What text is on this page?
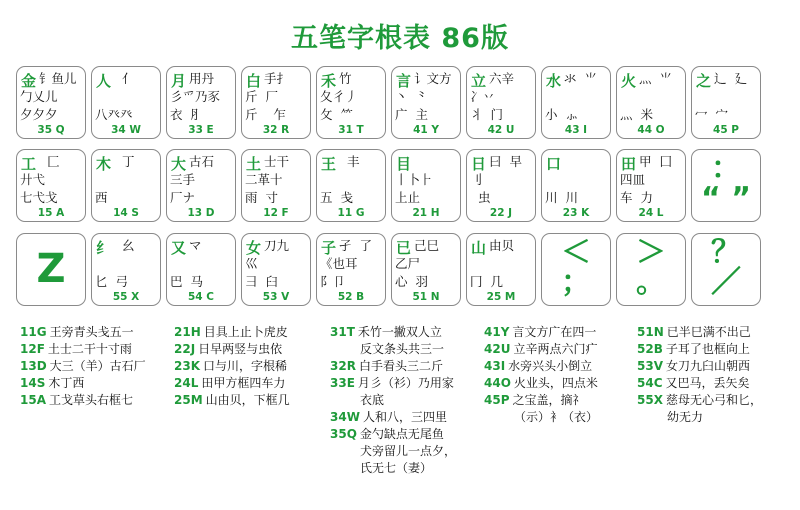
五笔字根表 86版
金 钅鱼儿
勹乂儿
夕夕夕
35 Q
人 亻
八癶癶
34 W
月 用丹
彡爫乃豕
衣  ⺼
33 E
白 手扌
斤  厂
斤    乍
32 R
禾 竹
夂彳丿
攵  ⺮
31 T
言 讠文方
丶  ⺀
广  主
41 Y
立 六辛
冫丷
丬  门
42 U
水 氺  ⺌
小  ⺗
43 I
火 灬  ⺌
灬  米
44 O
之 辶  廴
冖  宀
45 P
工 匚
廾弋
七弋戈
15 A
木 丁
西
14 S
大 古石
三手
厂ナ
13 D
土 士干
二革十
雨  寸
12 F
王 丰
五  戋
11 G
目
丨卜⺊
上止
21 H
日 曰  早
刂
虫
22 J
口
川  川
23 K
田 甲  囗
四皿
车  力
24 L
：
“ ”
Z	纟 幺
匕  弓
55 X
又 マ
巴  马
54 C
女 刀九
巛
彐  臼
53 V
子 孑  了
《也耳
阝卩
52 B
已 己巳
乙尸
心  羽
51 N
山 由贝
冂  几
25 M
＜
；
＞
。
？
／
11G 王旁青头戋五一
12F 土士二干十寸雨
13D 大三（羊）古石厂
14S 木丁西
15A 工戈草头右框七
21H 目具上止卜虎皮
22J 日早两竖与虫依
23K 口与川，字根稀
24L 田甲方框四车力
25M 山由贝，下框几
31T 禾竹一撇双人立
反文条头共三一
32R 白手看头三二斤
33E 月彡（衫）乃用家
衣底
34W 人和八，三四里
35Q 金勺缺点无尾鱼
犬旁留儿一点夕，
氏无七（妻）
41Y 言文方广在四一
42U 立辛两点六门疒
43I 水旁兴头小倒立
44O 火业头，四点米
45P 之宝盖，摘礻
（示）衤（衣）
51N 已半巳满不出己
52B 子耳了也框向上
53V 女刀九臼山朝西
54C 又巴马，丢矢矣
55X 慈母无心弓和匕，
幼无力
